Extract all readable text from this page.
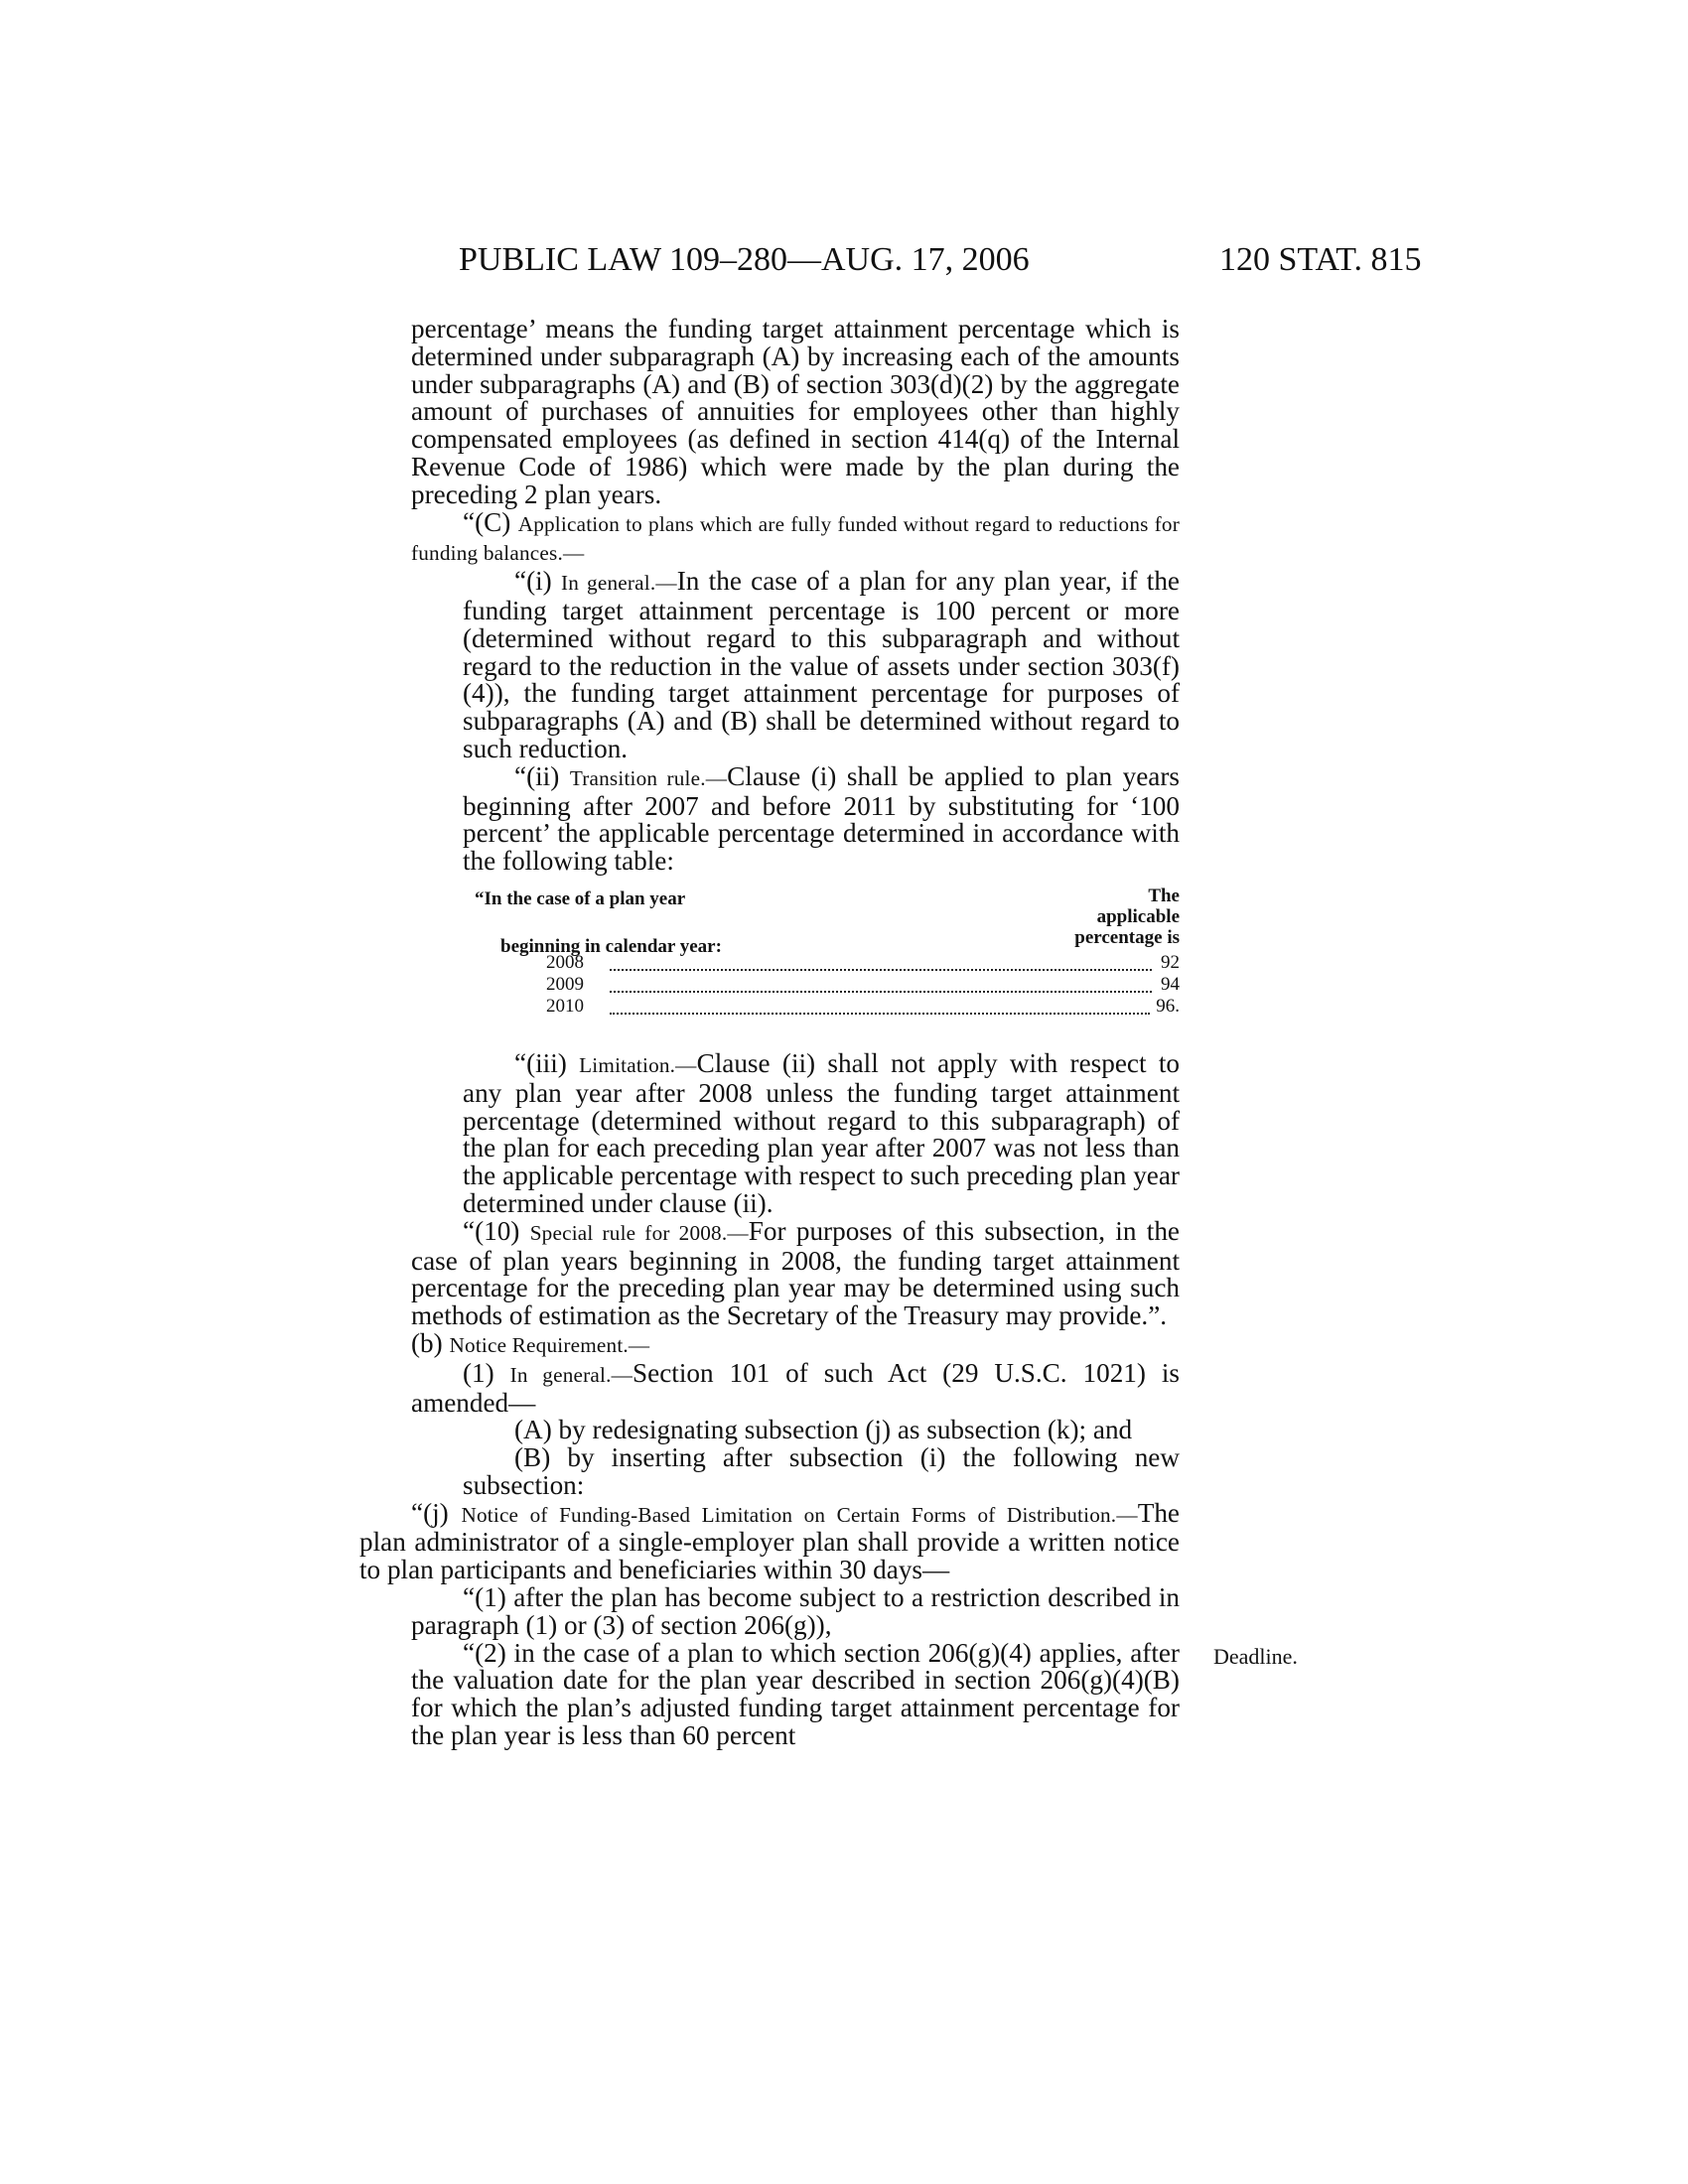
PUBLIC LAW 109–280—AUG. 17, 2006	120 STAT. 815

percentage’ means the funding target attainment percentage which is determined under subparagraph (A) by increasing each of the amounts under subparagraphs (A) and (B) of section 303(d)(2) by the aggregate amount of purchases of annuities for employees other than highly compensated employees (as defined in section 414(q) of the Internal Revenue Code of 1986) which were made by the plan during the preceding 2 plan years.

“(C) Application to plans which are fully funded without regard to reductions for funding balances.—

“(i) In general.—In the case of a plan for any plan year, if the funding target attainment percentage is 100 percent or more (determined without regard to this subparagraph and without regard to the reduction in the value of assets under section 303(f)(4)), the funding target attainment percentage for purposes of subparagraphs (A) and (B) shall be determined without regard to such reduction.

“(ii) Transition rule.—Clause (i) shall be applied to plan years beginning after 2007 and before 2011 by substituting for ‘100 percent’ the applicable percentage determined in accordance with the following table:

“In the case of a plan year
beginning in calendar year:
The
applicable
percentage is
2008	92
2009	94
2010	96.

“(iii) Limitation.—Clause (ii) shall not apply with respect to any plan year after 2008 unless the funding target attainment percentage (determined without regard to this subparagraph) of the plan for each preceding plan year after 2007 was not less than the applicable percentage with respect to such preceding plan year determined under clause (ii).

“(10) Special rule for 2008.—For purposes of this subsection, in the case of plan years beginning in 2008, the funding target attainment percentage for the preceding plan year may be determined using such methods of estimation as the Secretary of the Treasury may provide.”.

(b) Notice Requirement.—

(1) In general.—Section 101 of such Act (29 U.S.C. 1021) is amended—

(A) by redesignating subsection (j) as subsection (k); and

(B) by inserting after subsection (i) the following new subsection:

“(j) Notice of Funding-Based Limitation on Certain Forms of Distribution.—The plan administrator of a single-employer plan shall provide a written notice to plan participants and beneficiaries within 30 days—

“(1) after the plan has become subject to a restriction described in paragraph (1) or (3) of section 206(g)),

“(2) in the case of a plan to which section 206(g)(4) applies, after the valuation date for the plan year described in section 206(g)(4)(B) for which the plan’s adjusted funding target attainment percentage for the plan year is less than 60 percent

Deadline.
